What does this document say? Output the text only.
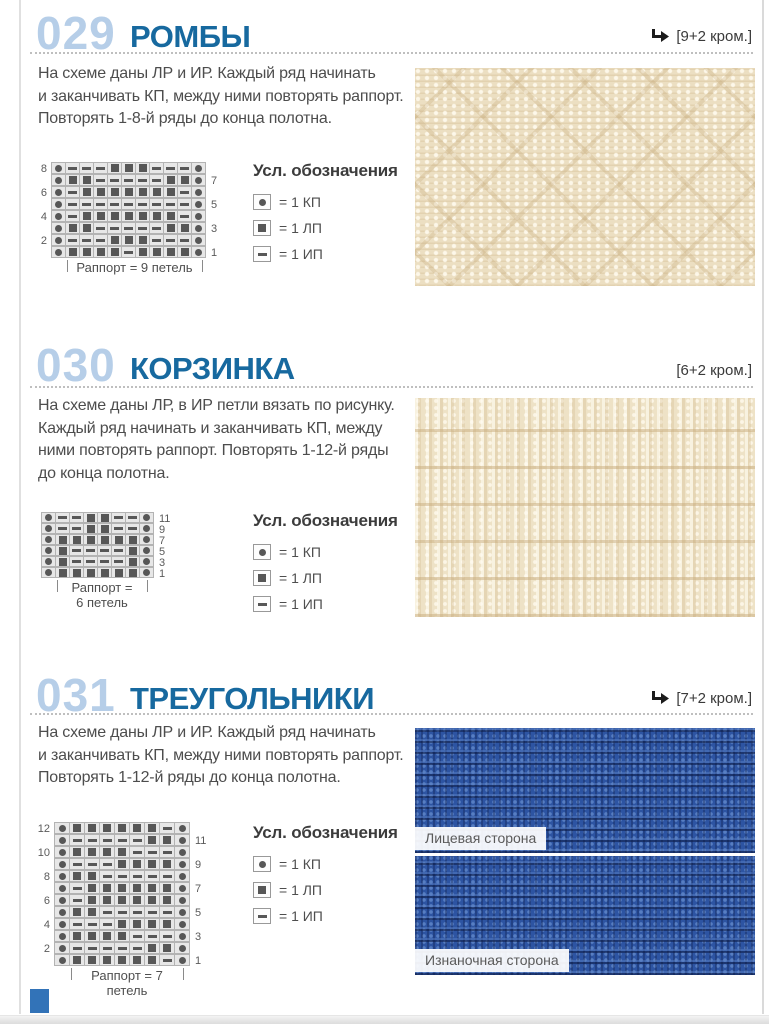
029 РОМБЫ	[9+2 кром.]
На схеме даны ЛР и ИР. Каждый ряд начинать
и заканчивать КП, между ними повторять раппорт.
Повторять 1-8-й ряды до конца полотна.
8
7
6
5
4
3
2
1
Раппорт = 9 петель
Усл. обозначения
= 1 КП
= 1 ЛП
= 1 ИП
030 КОРЗИНКА	[6+2 кром.]
На схеме даны ЛР, в ИР петли вязать по рисунку.
Каждый ряд начинать и заканчивать КП, между
ними повторять раппорт. Повторять 1-12-й ряды
до конца полотна.
11
9
7
5
3
1
Раппорт =
6 петель
Усл. обозначения
= 1 КП
= 1 ЛП
= 1 ИП
031 ТРЕУГОЛЬНИКИ	[7+2 кром.]
На схеме даны ЛР и ИР. Каждый ряд начинать
и заканчивать КП, между ними повторять раппорт.
Повторять 1-12-й ряды до конца полотна.
12
11
10
9
8
7
6
5
4
3
2
1
Раппорт = 7 петель
Усл. обозначения
= 1 КП
= 1 ЛП
= 1 ИП
Лицевая сторона
Изнаночная сторона
